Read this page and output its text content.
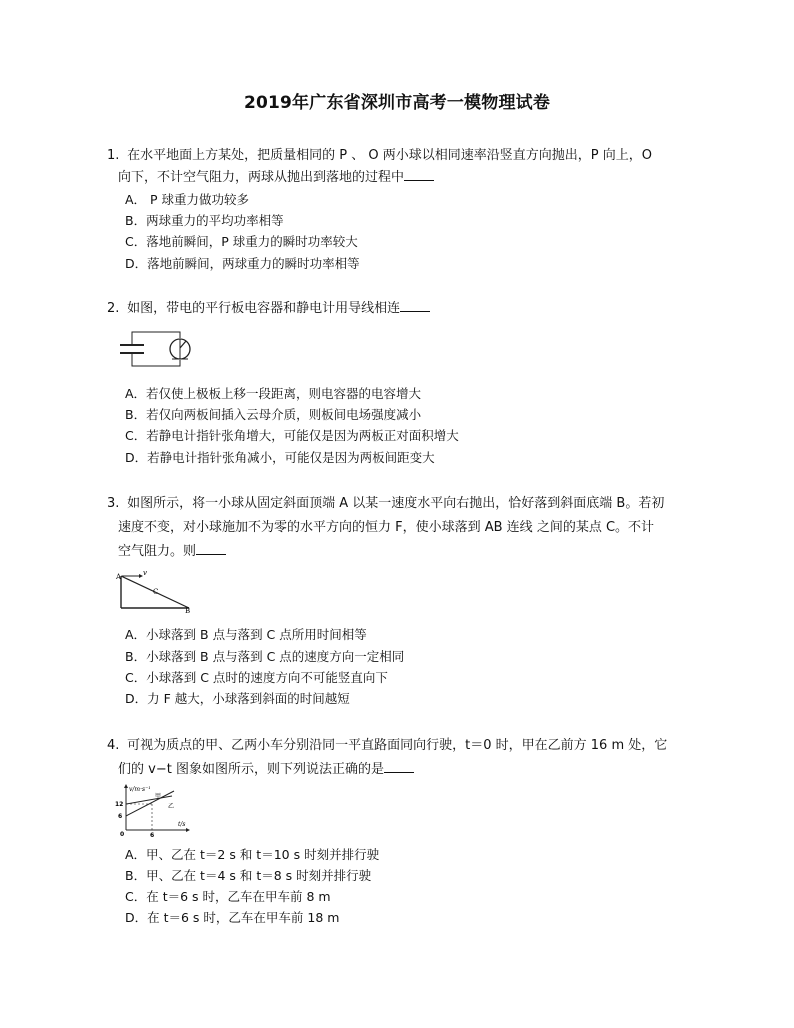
2019年广东省深圳市高考一模物理试卷
1. 在水平地面上方某处，把质量相同的 P 、 O 两小球以相同速率沿竖直方向抛出，P 向上，O
向下，不计空气阻力，两球从抛出到落地的过程中
A． P 球重力做功较多
B．两球重力的平均功率相等
C．落地前瞬间，P 球重力的瞬时功率较大
D．落地前瞬间，两球重力的瞬时功率相等
2. 如图，带电的平行板电容器和静电计用导线相连
A．若仅使上极板上移一段距离，则电容器的电容增大
B．若仅向两板间插入云母介质，则板间电场强度减小
C．若静电计指针张角增大，可能仅是因为两板正对面积增大
D．若静电计指针张角减小，可能仅是因为两板间距变大
3. 如图所示，将一小球从固定斜面顶端 A 以某一速度水平向右抛出，恰好落到斜面底端 B。若初
速度不变，对小球施加不为零的水平方向的恒力 F，使小球落到 AB 连线 之间的某点 C。不计
空气阻力。则
A	v
C
B
A．小球落到 B 点与落到 C 点所用时间相等
B．小球落到 B 点与落到 C 点的速度方向一定相同
C．小球落到 C 点时的速度方向不可能竖直向下
D．力 F 越大，小球落到斜面的时间越短
4. 可视为质点的甲、乙两小车分别沿同一平直路面同向行驶，t＝0 时，甲在乙前方 16 m 处，它
们的 v−t 图象如图所示，则下列说法正确的是
v/m·s⁻¹
t/s
甲
乙
12
6
6
0
A．甲、乙在 t＝2 s 和 t＝10 s 时刻并排行驶
B．甲、乙在 t＝4 s 和 t＝8 s 时刻并排行驶
C．在 t＝6 s 时，乙车在甲车前 8 m
D．在 t＝6 s 时，乙车在甲车前 18 m
